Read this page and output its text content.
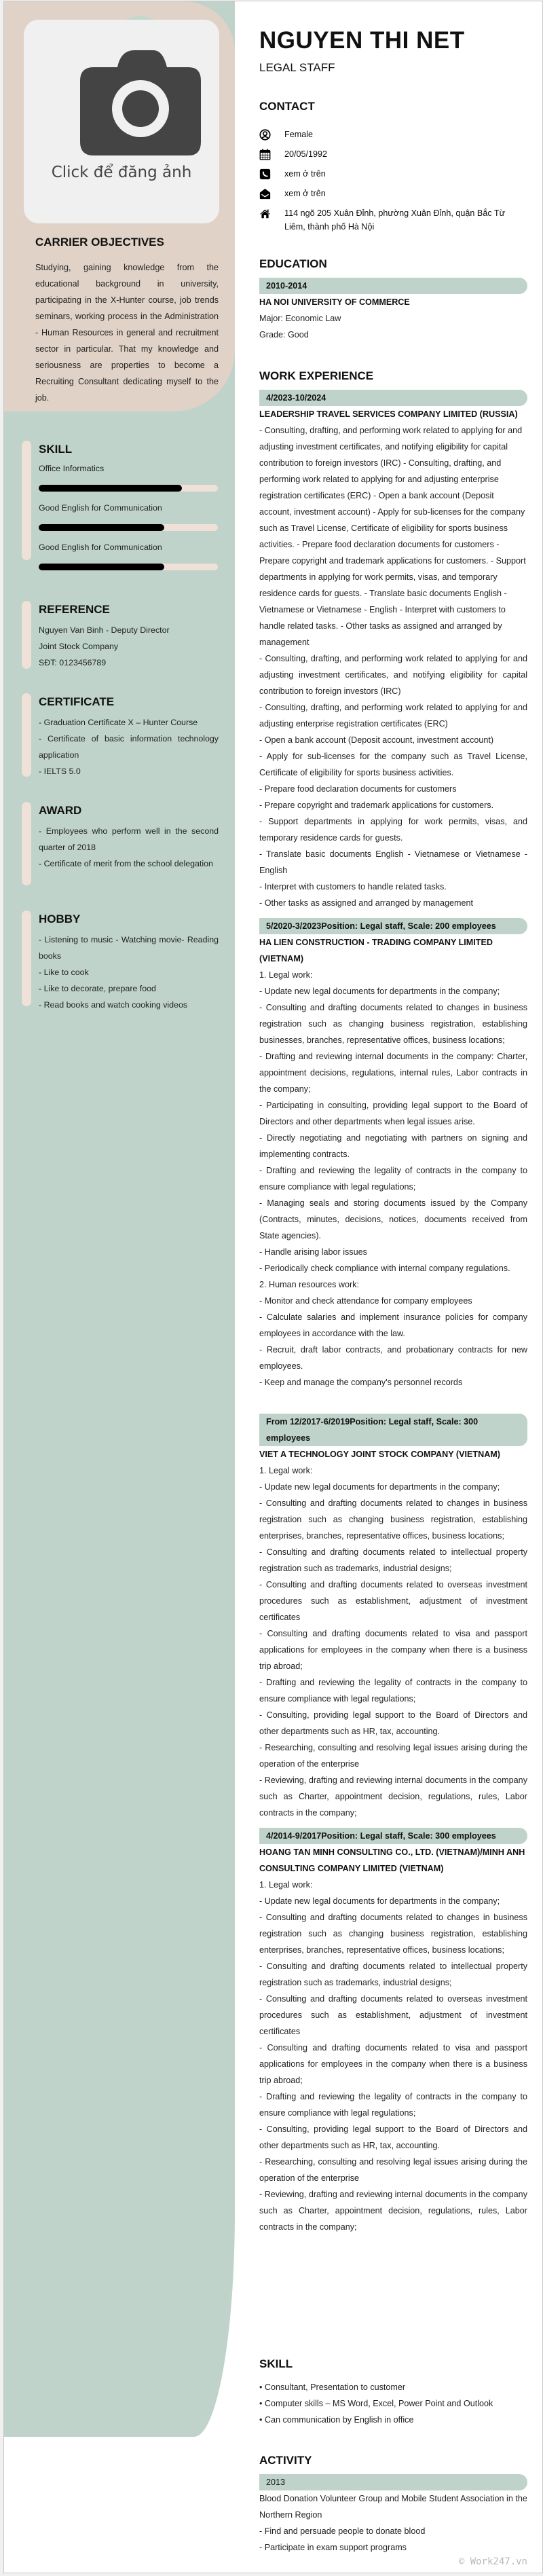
Click để đăng ảnh
CARRIER OBJECTIVES
Studying, gaining knowledge from the educational background in university, participating in the X-Hunter course, job trends seminars, working process in the Administration - Human Resources in general and recruitment sector in particular. That my knowledge and seriousness are properties to become a Recruiting Consultant dedicating myself to the job.
SKILL
Office Informatics
Good English for Communication
Good English for Communication
REFERENCE

Nguyen Van Binh - Deputy Director

Joint Stock Company

SĐT: 0123456789

CERTIFICATE

- Graduation Certificate X – Hunter Course

- Certificate of basic information technology application

- IELTS 5.0

AWARD

- Employees who perform well in the second quarter of 2018

- Certificate of merit from the school delegation

HOBBY

- Listening to music - Watching movie- Reading books

- Like to cook

- Like to decorate, prepare food

- Read books and watch cooking videos

NGUYEN THI NET
LEGAL STAFF
CONTACT
Female
20/05/1992
xem ở trên
xem ở trên
114 ngõ 205 Xuân Đỉnh, phường Xuân Đỉnh, quận Bắc Từ Liêm, thành phố Hà Nội
EDUCATION
2010-2014
HA NOI UNIVERSITY OF COMMERCE
Major: Economic Law
Grade: Good
WORK EXPERIENCE
4/2023-10/2024
LEADERSHIP TRAVEL SERVICES COMPANY LIMITED (RUSSIA)
- Consulting, drafting, and performing work related to applying for and adjusting investment certificates, and notifying eligibility for capital contribution to foreign investors (IRC) - Consulting, drafting, and performing work related to applying for and adjusting enterprise registration certificates (ERC) - Open a bank account (Deposit account, investment account) - Apply for sub-licenses for the company such as Travel License, Certificate of eligibility for sports business activities. - Prepare food declaration documents for customers - Prepare copyright and trademark applications for customers. - Support departments in applying for work permits, visas, and temporary residence cards for guests. - Translate basic documents English - Vietnamese or Vietnamese - English - Interpret with customers to handle related tasks. - Other tasks as assigned and arranged by management
- Consulting, drafting, and performing work related to applying for and adjusting investment certificates, and notifying eligibility for capital contribution to foreign investors (IRC)
- Consulting, drafting, and performing work related to applying for and adjusting enterprise registration certificates (ERC)
- Open a bank account (Deposit account, investment account)
- Apply for sub-licenses for the company such as Travel License, Certificate of eligibility for sports business activities.
- Prepare food declaration documents for customers
- Prepare copyright and trademark applications for customers.
- Support departments in applying for work permits, visas, and temporary residence cards for guests.
- Translate basic documents English - Vietnamese or Vietnamese - English
- Interpret with customers to handle related tasks.
- Other tasks as assigned and arranged by management
5/2020-3/2023Position: Legal staff, Scale: 200 employees
HA LIEN CONSTRUCTION - TRADING COMPANY LIMITED (VIETNAM)
1. Legal work:
- Update new legal documents for departments in the company;
- Consulting and drafting documents related to changes in business registration such as changing business registration, establishing businesses, branches, representative offices, business locations;
- Drafting and reviewing internal documents in the company: Charter, appointment decisions, regulations, internal rules, Labor contracts in the company;
- Participating in consulting, providing legal support to the Board of Directors and other departments when legal issues arise.
- Directly negotiating and negotiating with partners on signing and implementing contracts.
- Drafting and reviewing the legality of contracts in the company to ensure compliance with legal regulations;
- Managing seals and storing documents issued by the Company (Contracts, minutes, decisions, notices, documents received from State agencies).
- Handle arising labor issues
- Periodically check compliance with internal company regulations.
2. Human resources work:
- Monitor and check attendance for company employees
- Calculate salaries and implement insurance policies for company employees in accordance with the law.
- Recruit, draft labor contracts, and probationary contracts for new employees.
- Keep and manage the company's personnel records
From 12/2017-6/2019Position: Legal staff, Scale: 300 employees
VIET A TECHNOLOGY JOINT STOCK COMPANY (VIETNAM)
1. Legal work:
- Update new legal documents for departments in the company;
- Consulting and drafting documents related to changes in business registration such as changing business registration, establishing enterprises, branches, representative offices, business locations;
- Consulting and drafting documents related to intellectual property registration such as trademarks, industrial designs;
- Consulting and drafting documents related to overseas investment procedures such as establishment, adjustment of investment certificates
- Consulting and drafting documents related to visa and passport applications for employees in the company when there is a business trip abroad;
- Drafting and reviewing the legality of contracts in the company to ensure compliance with legal regulations;
- Consulting, providing legal support to the Board of Directors and other departments such as HR, tax, accounting.
- Researching, consulting and resolving legal issues arising during the operation of the enterprise
- Reviewing, drafting and reviewing internal documents in the company such as Charter, appointment decision, regulations, rules, Labor contracts in the company;
4/2014-9/2017Position: Legal staff, Scale: 300 employees
HOANG TAN MINH CONSULTING CO., LTD. (VIETNAM)/MINH ANH CONSULTING COMPANY LIMITED (VIETNAM)
1. Legal work:
- Update new legal documents for departments in the company;
- Consulting and drafting documents related to changes in business registration such as changing business registration, establishing enterprises, branches, representative offices, business locations;
- Consulting and drafting documents related to intellectual property registration such as trademarks, industrial designs;
- Consulting and drafting documents related to overseas investment procedures such as establishment, adjustment of investment certificates
- Consulting and drafting documents related to visa and passport applications for employees in the company when there is a business trip abroad;
- Drafting and reviewing the legality of contracts in the company to ensure compliance with legal regulations;
- Consulting, providing legal support to the Board of Directors and other departments such as HR, tax, accounting.
- Researching, consulting and resolving legal issues arising during the operation of the enterprise
- Reviewing, drafting and reviewing internal documents in the company such as Charter, appointment decision, regulations, rules, Labor contracts in the company;
SKILL
• Consultant, Presentation to customer
• Computer skills – MS Word, Excel, Power Point and Outlook
• Can communication by English in office
ACTIVITY
2013
Blood Donation Volunteer Group and Mobile Student Association in the Northern Region
- Find and persuade people to donate blood
- Participate in exam support programs
© Work247.vn
